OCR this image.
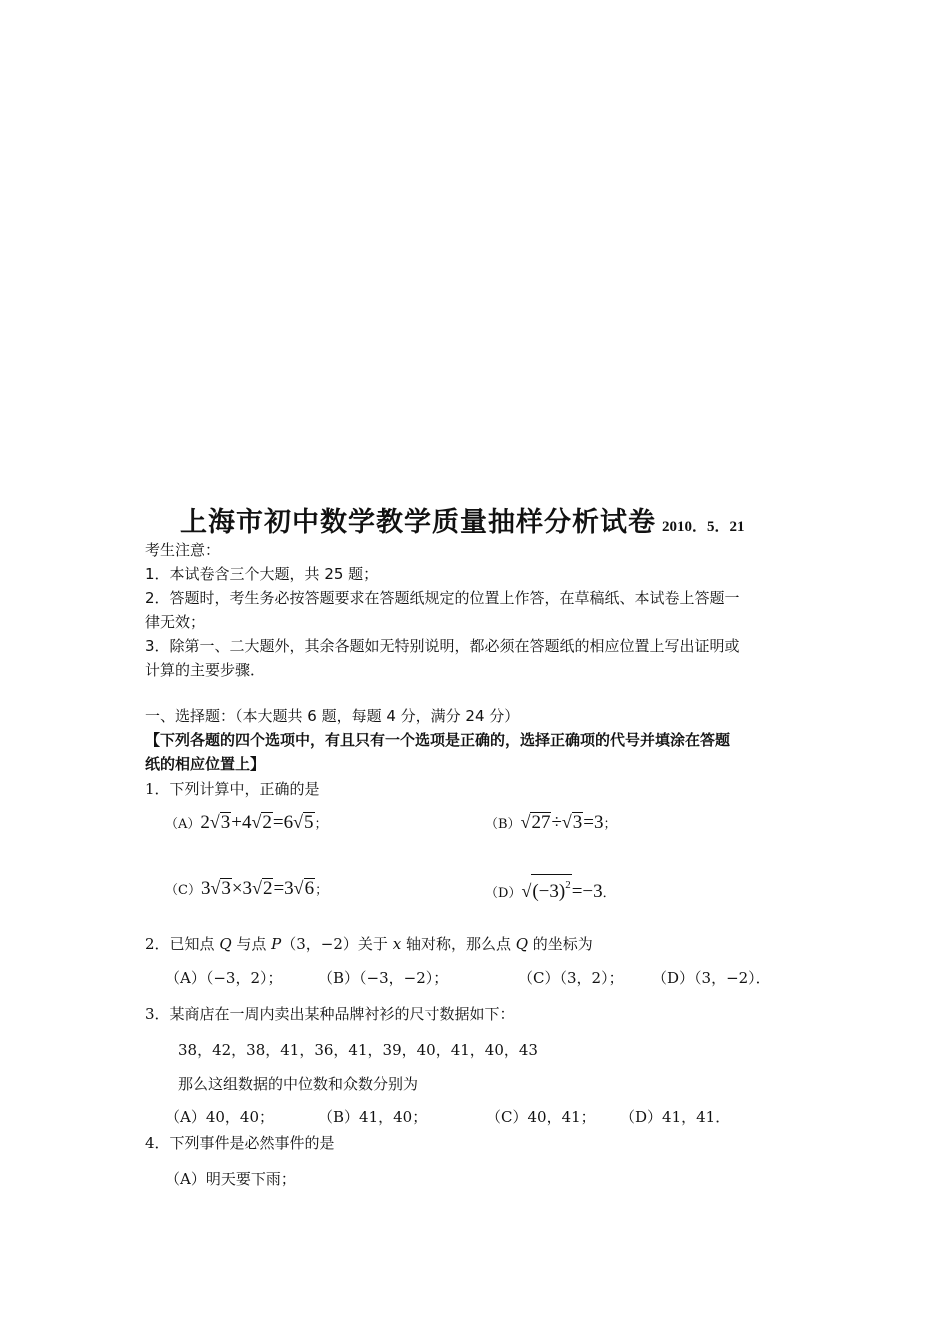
上海市初中数学教学质量抽样分析试卷 2010．5．21
考生注意：
1．本试卷含三个大题，共 25 题；
2．答题时，考生务必按答题要求在答题纸规定的位置上作答，在草稿纸、本试卷上答题一
律无效；
3．除第一、二大题外，其余各题如无特别说明，都必须在答题纸的相应位置上写出证明或
计算的主要步骤．
一、选择题：（本大题共 6 题，每题 4 分，满分 24 分）
【下列各题的四个选项中，有且只有一个选项是正确的，选择正确项的代号并填涂在答题
纸的相应位置上】
1．下列计算中，正确的是
（A）2√3+4√2=6√5；	（B）√27÷√3=3；
（C）3√3×3√2=3√6；	$(D)√(-3)^2=-3$．
2．已知点 Q 与点 P（3，−2）关于 x 轴对称，那么点 Q 的坐标为
（A）（−3，2）； （B）（−3，−2）；	（C）（3，2）； （D）（3，−2）．
3．某商店在一周内卖出某种品牌衬衫的尺寸数据如下：
38，42，38，41，36，41，39，40，41，40，43
那么这组数据的中位数和众数分别为
（A）40，40；	（B）41，40；	（C）40，41； （D）41，41．
4．下列事件是必然事件的是
（A）明天要下雨；
